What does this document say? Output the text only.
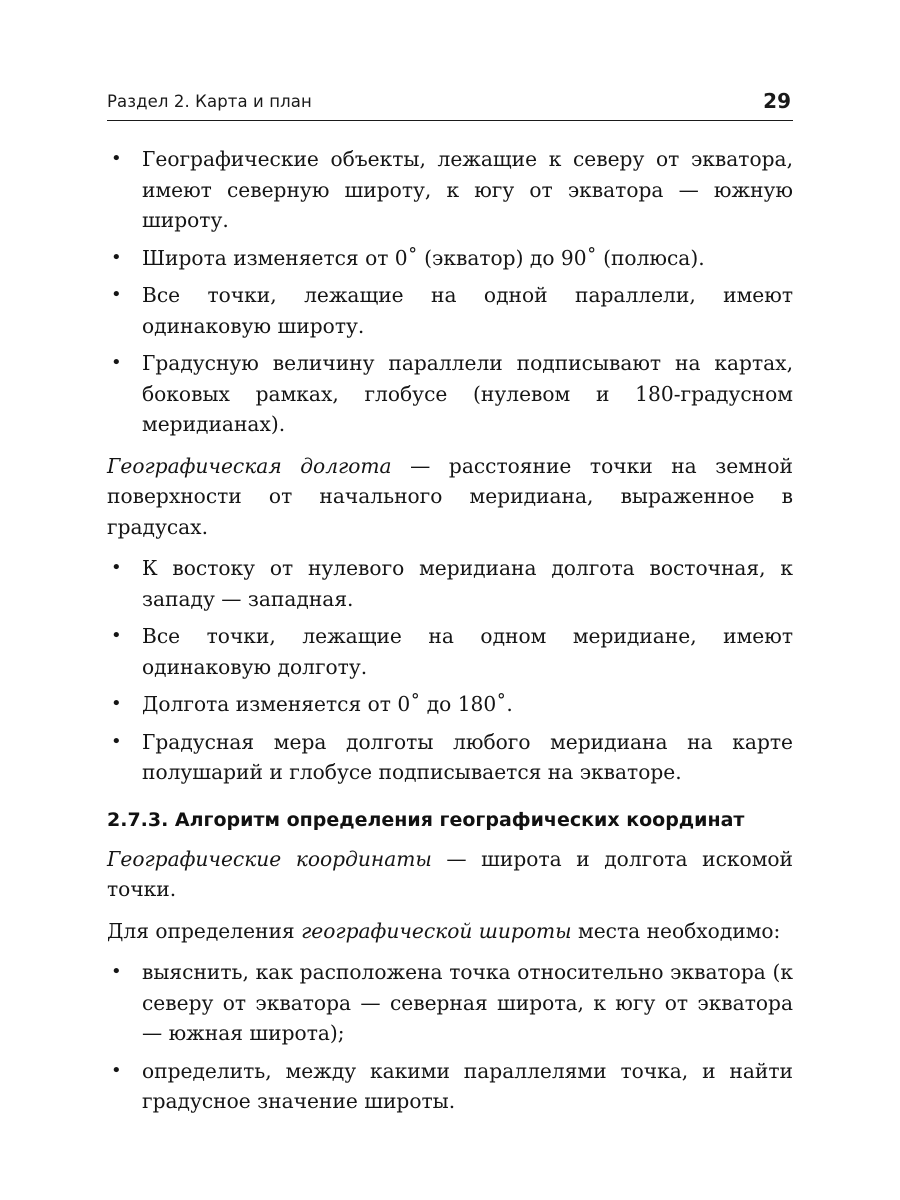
Раздел 2. Карта и план	29
• Географические объекты, лежащие к северу от экватора, имеют северную широту, к югу от экватора — южную широту.
• Широта изменяется от 0˚ (экватор) до 90˚ (полюса).
• Все точки, лежащие на одной параллели, имеют одинаковую широту.
• Градусную величину параллели подписывают на картах, боковых рамках, глобусе (нулевом и 180-градусном меридианах).

Географическая долгота — расстояние точки на земной поверхности от начального меридиана, выраженное в градусах.

• К востоку от нулевого меридиана долгота восточная, к западу — западная.
• Все точки, лежащие на одном меридиане, имеют одинаковую долготу.
• Долгота изменяется от 0˚ до 180˚.
• Градусная мера долготы любого меридиана на карте полушарий и глобусе подписывается на экваторе.
2.7.3. Алгоритм определения географических координат

Географические координаты — широта и долгота искомой точки.

Для определения географической широты места необходимо:

• выяснить, как расположена точка относительно экватора (к северу от экватора — северная широта, к югу от экватора — южная широта);
• определить, между какими параллелями точка, и найти градусное значение широты.
